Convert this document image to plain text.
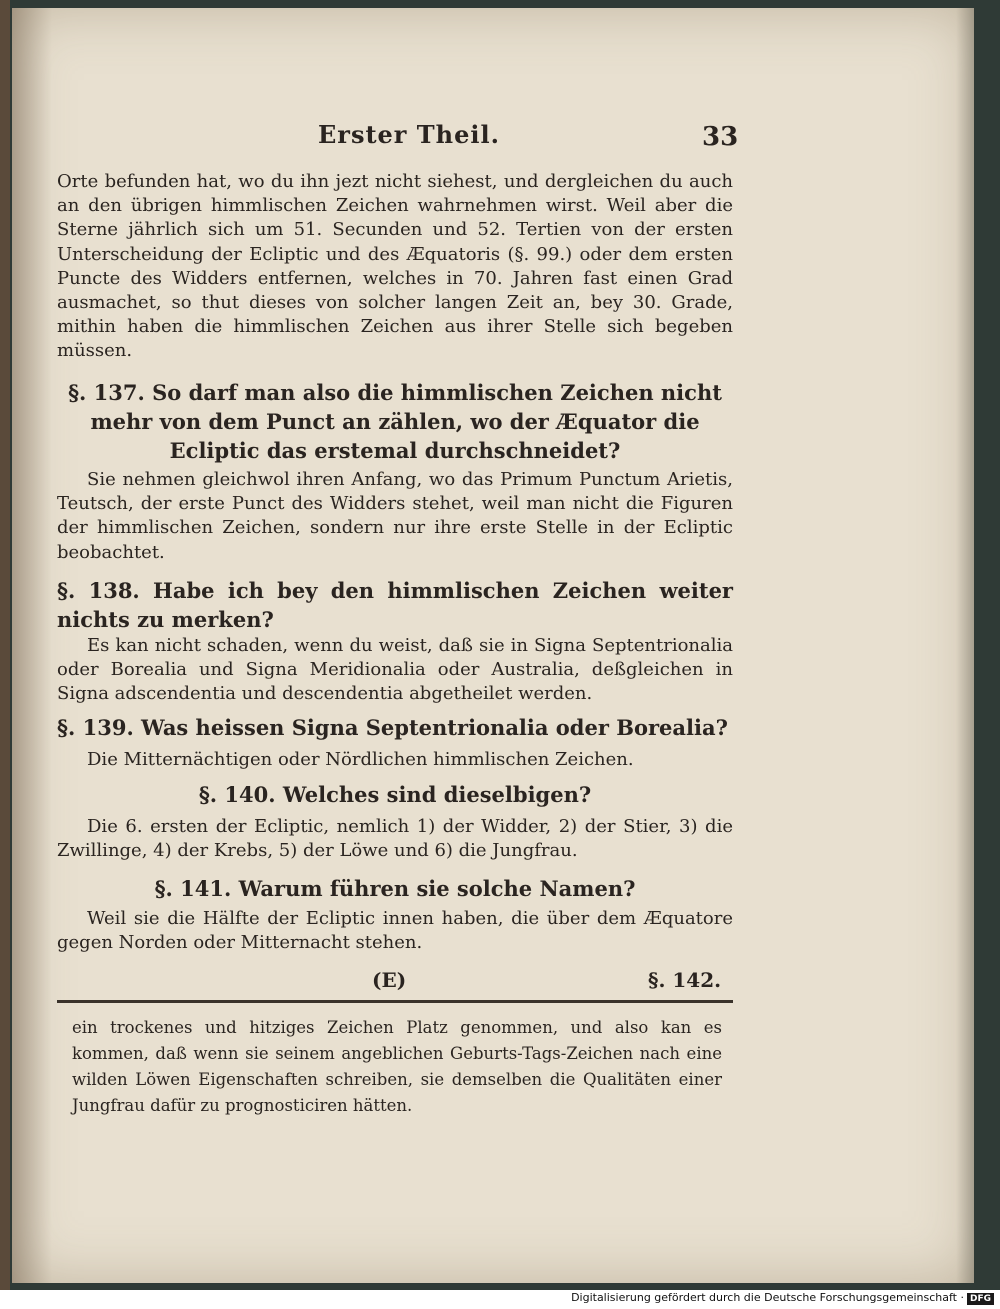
Erster Theil.	33

Orte befunden hat, wo du ihn jezt nicht siehest, und dergleichen du auch an den übrigen himmlischen Zeichen wahrnehmen wirst. Weil aber die Sterne jährlich sich um 51. Secunden und 52. Tertien von der ersten Unterscheidung der Ecliptic und des Æquatoris (§. 99.) oder dem ersten Puncte des Widders entfernen, welches in 70. Jahren fast einen Grad ausmachet, so thut dieses von solcher langen Zeit an, bey 30. Grade, mithin haben die himmlischen Zeichen aus ihrer Stelle sich begeben müssen.

§. 137. So darf man also die himmlischen Zeichen nicht mehr von dem Punct an zählen, wo der Æquator die Ecliptic das erstemal durchschneidet?

Sie nehmen gleichwol ihren Anfang, wo das Primum Punctum Arietis, Teutsch, der erste Punct des Widders stehet, weil man nicht die Figuren der himmlischen Zeichen, sondern nur ihre erste Stelle in der Ecliptic beobachtet.

§. 138. Habe ich bey den himmlischen Zeichen weiter nichts zu merken?

Es kan nicht schaden, wenn du weist, daß sie in Signa Septentrionalia oder Borealia und Signa Meridionalia oder Australia, deßgleichen in Signa adscendentia und descendentia abgetheilet werden.

§. 139. Was heissen Signa Septentrionalia oder Borealia?

Die Mitternächtigen oder Nördlichen himmlischen Zeichen.

§. 140. Welches sind dieselbigen?

Die 6. ersten der Ecliptic, nemlich 1) der Widder, 2) der Stier, 3) die Zwillinge, 4) der Krebs, 5) der Löwe und 6) die Jungfrau.

§. 141. Warum führen sie solche Namen?

Weil sie die Hälfte der Ecliptic innen haben, die über dem Æquatore gegen Norden oder Mitternacht stehen.

(E)	§. 142.

ein trockenes und hitziges Zeichen Platz genommen, und also kan es kommen, daß wenn sie seinem angeblichen Geburts-Tags-Zeichen nach eine wilden Löwen Eigenschaften schreiben, sie demselben die Qualitäten einer Jungfrau dafür zu prognosticiren hätten.

Digitalisierung gefördert durch die Deutsche Forschungsgemeinschaft · DFG
